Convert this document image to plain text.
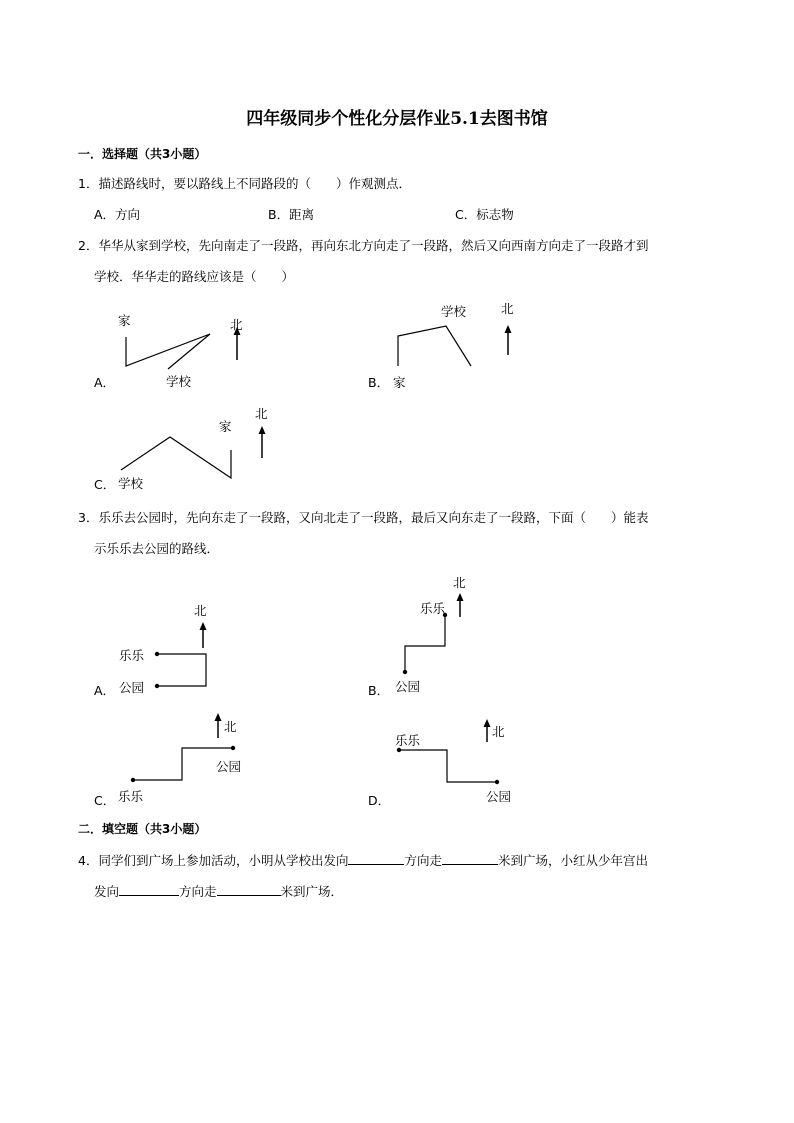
四年级同步个性化分层作业5.1去图书馆
一．选择题（共3小题）
1．描述路线时，要以路线上不同路段的（　　）作观测点．
A．方向	B．距离	C．标志物
2．华华从家到学校，先向南走了一段路，再向东北方向走了一段路，然后又向西南方向走了一段路才到
学校．华华走的路线应该是（　　）
A．
家
学校
北
B． 家
学校	北
C．
家
学校
北
3．乐乐去公园时，先向东走了一段路，又向北走了一段路，最后又向东走了一段路，下面（　　）能表
示乐乐去公园的路线．
A．
乐乐
公园
北
B．
乐乐
公园
北
C． 乐乐
公园
北
D．
乐乐
公园
北
二．填空题（共3小题）
4．同学们到广场上参加活动，小明从学校出发向	方向走	米到广场，小红从少年宫出
发向	方向走	米到广场．
